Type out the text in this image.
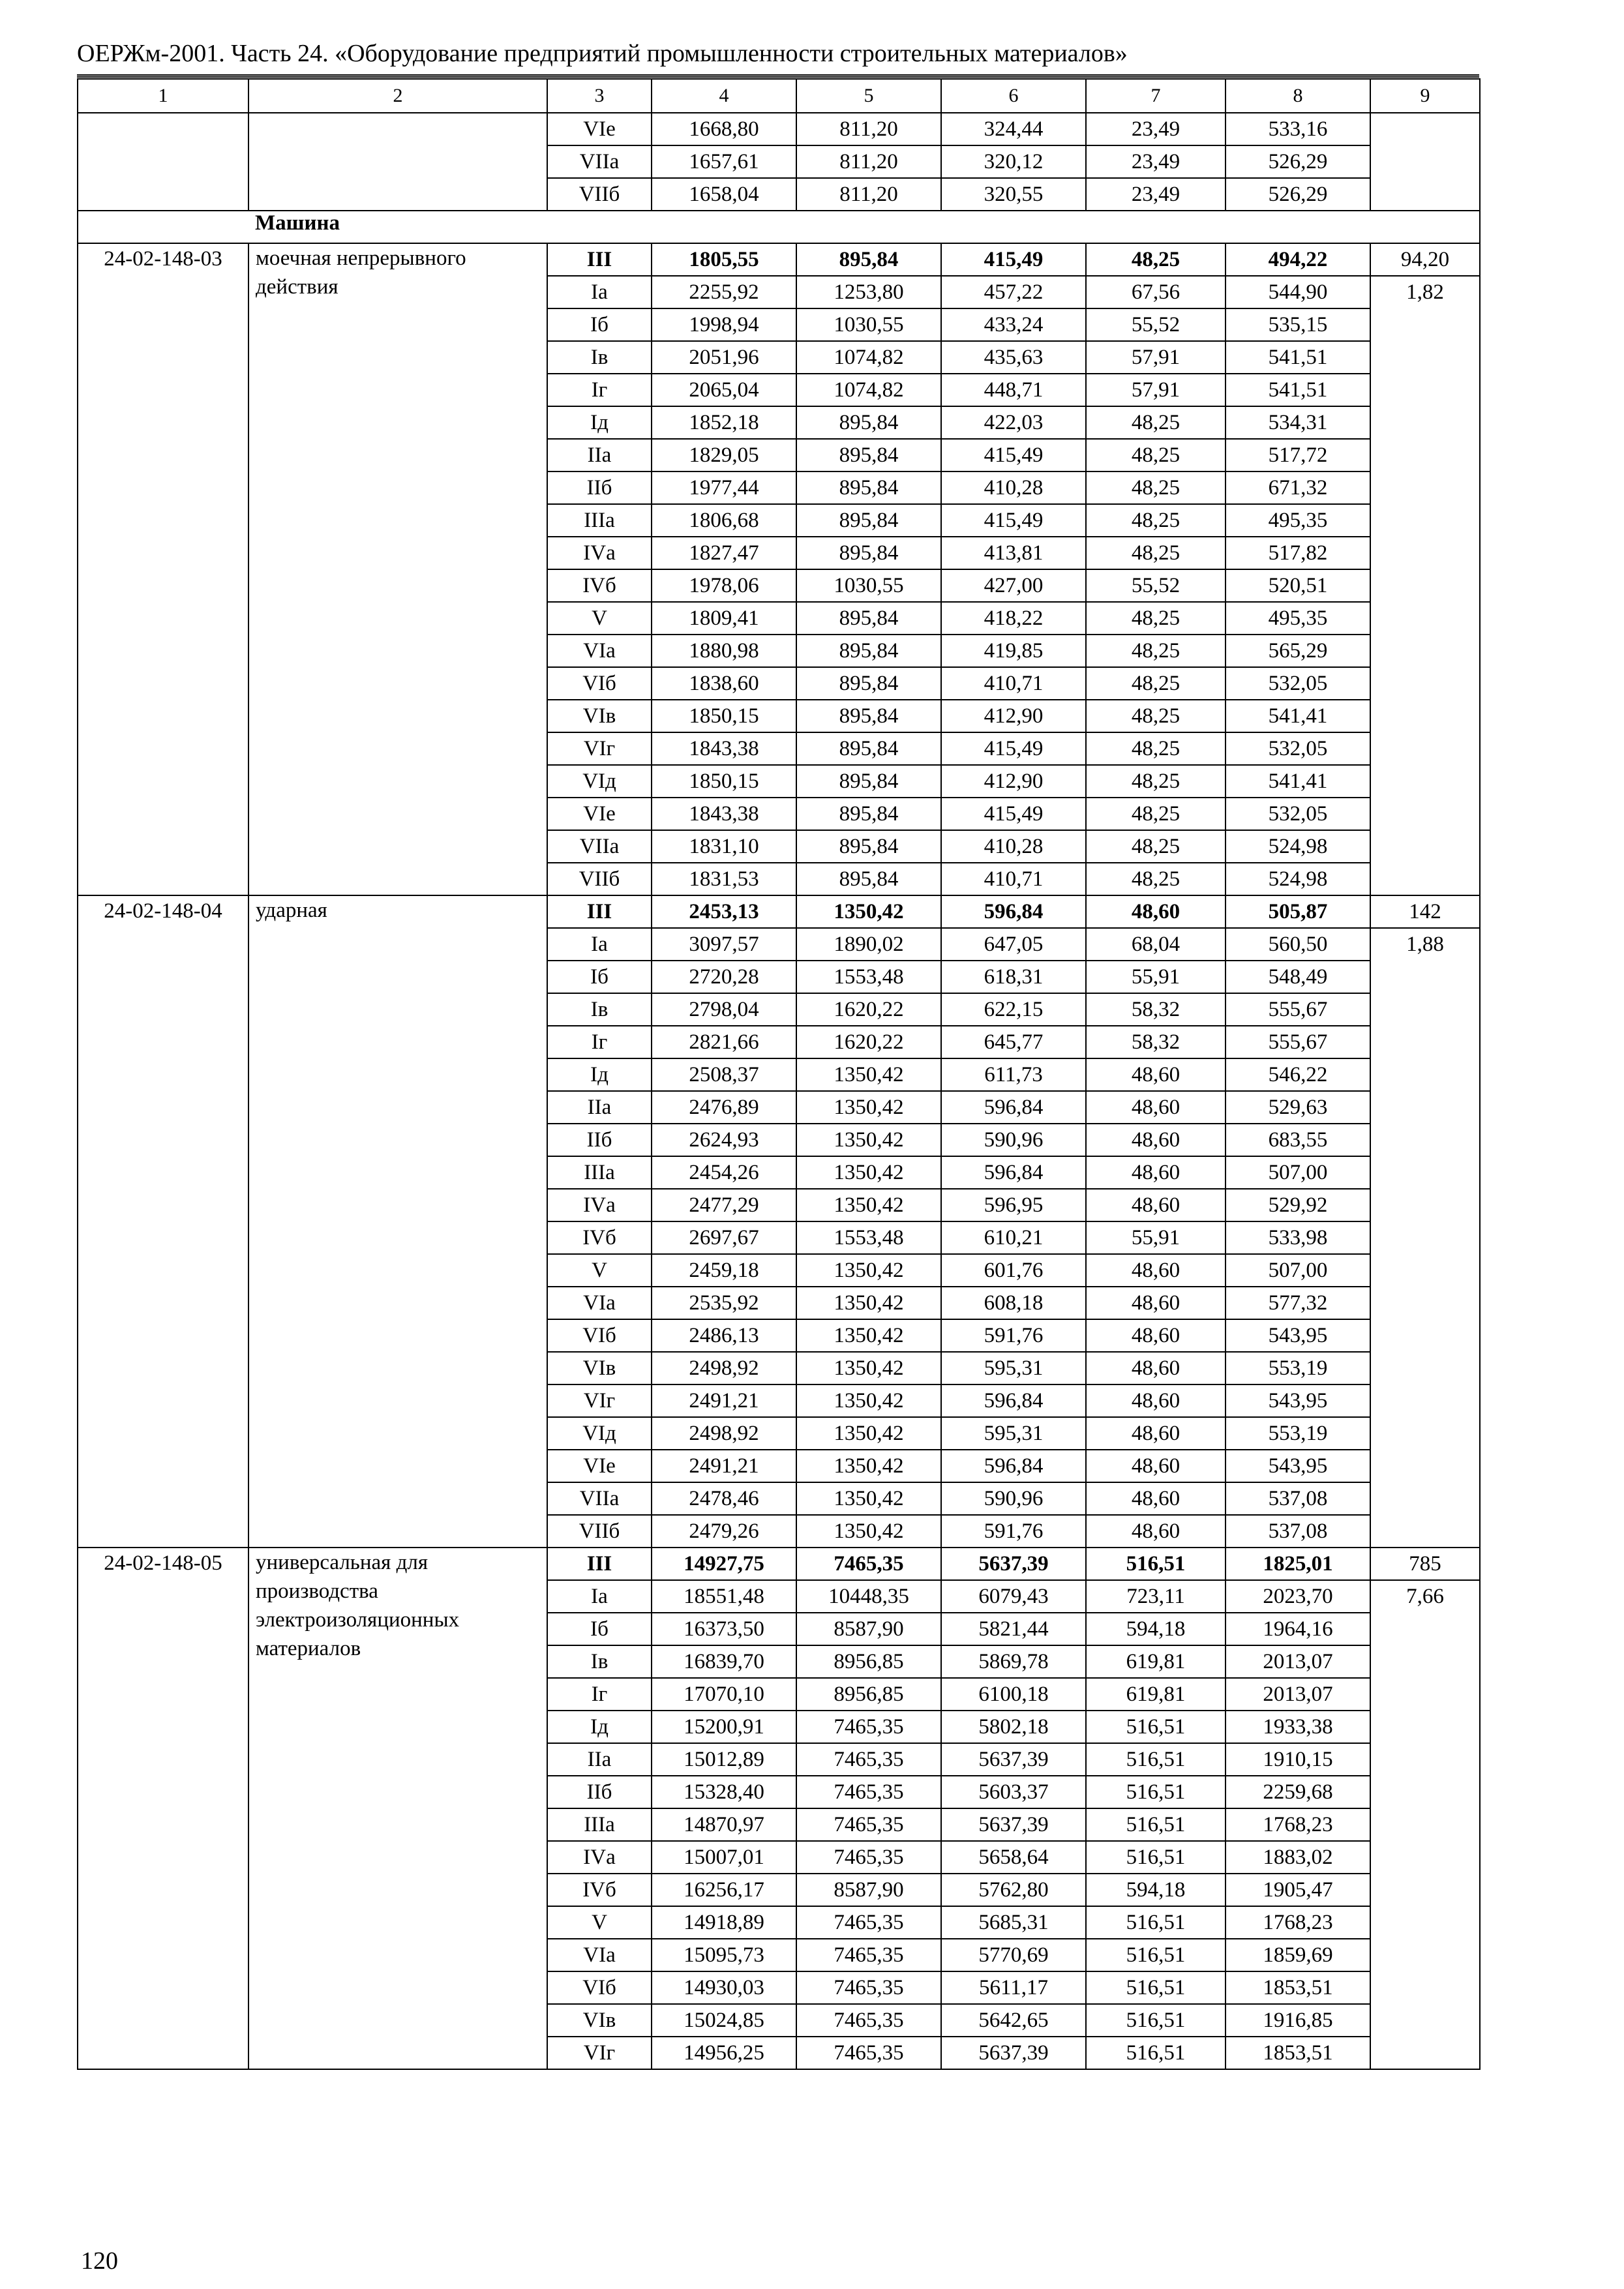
ОЕРЖм-2001. Часть 24. «Оборудование предприятий промышленности строительных материалов»
1	2	3	4	5	6	7	8	9
		VIе	1668,80	811,20	324,44	23,49	533,16	
		VIIа	1657,61	811,20	320,12	23,49	526,29	
		VIIб	1658,04	811,20	320,55	23,49	526,29	
	Машина							
24-02-148-03	моечная непрерывного действия	III	1805,55	895,84	415,49	48,25	494,22	94,20
		Iа	2255,92	1253,80	457,22	67,56	544,90	1,82
		Iб	1998,94	1030,55	433,24	55,52	535,15	
		Iв	2051,96	1074,82	435,63	57,91	541,51	
		Iг	2065,04	1074,82	448,71	57,91	541,51	
		Iд	1852,18	895,84	422,03	48,25	534,31	
		IIа	1829,05	895,84	415,49	48,25	517,72	
		IIб	1977,44	895,84	410,28	48,25	671,32	
		IIIа	1806,68	895,84	415,49	48,25	495,35	
		IVа	1827,47	895,84	413,81	48,25	517,82	
		IVб	1978,06	1030,55	427,00	55,52	520,51	
		V	1809,41	895,84	418,22	48,25	495,35	
		VIа	1880,98	895,84	419,85	48,25	565,29	
		VIб	1838,60	895,84	410,71	48,25	532,05	
		VIв	1850,15	895,84	412,90	48,25	541,41	
		VIг	1843,38	895,84	415,49	48,25	532,05	
		VIд	1850,15	895,84	412,90	48,25	541,41	
		VIе	1843,38	895,84	415,49	48,25	532,05	
		VIIа	1831,10	895,84	410,28	48,25	524,98	
		VIIб	1831,53	895,84	410,71	48,25	524,98	
24-02-148-04	ударная	III	2453,13	1350,42	596,84	48,60	505,87	142
		Iа	3097,57	1890,02	647,05	68,04	560,50	1,88
		Iб	2720,28	1553,48	618,31	55,91	548,49	
		Iв	2798,04	1620,22	622,15	58,32	555,67	
		Iг	2821,66	1620,22	645,77	58,32	555,67	
		Iд	2508,37	1350,42	611,73	48,60	546,22	
		IIа	2476,89	1350,42	596,84	48,60	529,63	
		IIб	2624,93	1350,42	590,96	48,60	683,55	
		IIIа	2454,26	1350,42	596,84	48,60	507,00	
		IVа	2477,29	1350,42	596,95	48,60	529,92	
		IVб	2697,67	1553,48	610,21	55,91	533,98	
		V	2459,18	1350,42	601,76	48,60	507,00	
		VIа	2535,92	1350,42	608,18	48,60	577,32	
		VIб	2486,13	1350,42	591,76	48,60	543,95	
		VIв	2498,92	1350,42	595,31	48,60	553,19	
		VIг	2491,21	1350,42	596,84	48,60	543,95	
		VIд	2498,92	1350,42	595,31	48,60	553,19	
		VIе	2491,21	1350,42	596,84	48,60	543,95	
		VIIа	2478,46	1350,42	590,96	48,60	537,08	
		VIIб	2479,26	1350,42	591,76	48,60	537,08	
24-02-148-05	универсальная для производства электроизоляционных материалов	III	14927,75	7465,35	5637,39	516,51	1825,01	785
		Iа	18551,48	10448,35	6079,43	723,11	2023,70	7,66
		Iб	16373,50	8587,90	5821,44	594,18	1964,16	
		Iв	16839,70	8956,85	5869,78	619,81	2013,07	
		Iг	17070,10	8956,85	6100,18	619,81	2013,07	
		Iд	15200,91	7465,35	5802,18	516,51	1933,38	
		IIа	15012,89	7465,35	5637,39	516,51	1910,15	
		IIб	15328,40	7465,35	5603,37	516,51	2259,68	
		IIIа	14870,97	7465,35	5637,39	516,51	1768,23	
		IVа	15007,01	7465,35	5658,64	516,51	1883,02	
		IVб	16256,17	8587,90	5762,80	594,18	1905,47	
		V	14918,89	7465,35	5685,31	516,51	1768,23	
		VIа	15095,73	7465,35	5770,69	516,51	1859,69	
		VIб	14930,03	7465,35	5611,17	516,51	1853,51	
		VIв	15024,85	7465,35	5642,65	516,51	1916,85	
		VIг	14956,25	7465,35	5637,39	516,51	1853,51	
120
